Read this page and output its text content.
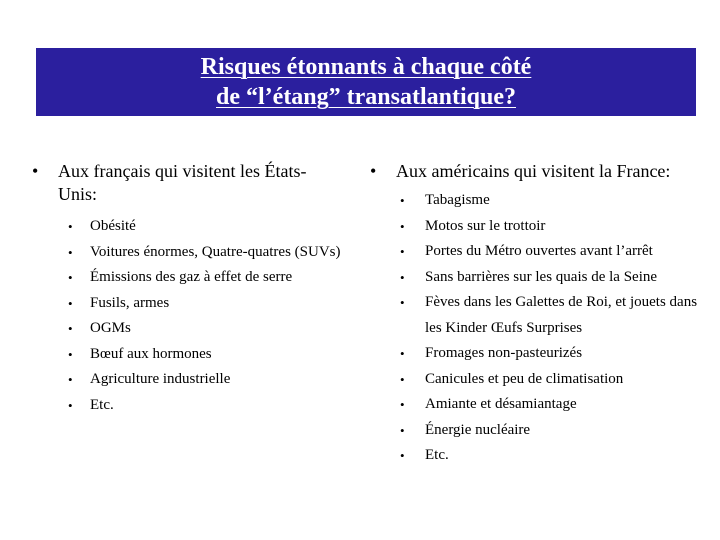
Risques étonnants à chaque côté
de “l’étang” transatlantique?
• Aux français qui visitent les États-Unis:
• Obésité
• Voitures énormes, Quatre-quatres (SUVs)
• Émissions des gaz à effet de serre
• Fusils, armes
• OGMs
• Bœuf aux hormones
• Agriculture industrielle
• Etc.
• Aux américains qui visitent la France:
• Tabagisme
• Motos sur le trottoir
• Portes du Métro ouvertes avant l’arrêt
• Sans barrières sur les quais de la Seine
• Fèves dans les Galettes de Roi, et jouets dans les Kinder Œufs Surprises
• Fromages non-pasteurizés
• Canicules et peu de climatisation
• Amiante et désamiantage
• Énergie nucléaire
• Etc.
